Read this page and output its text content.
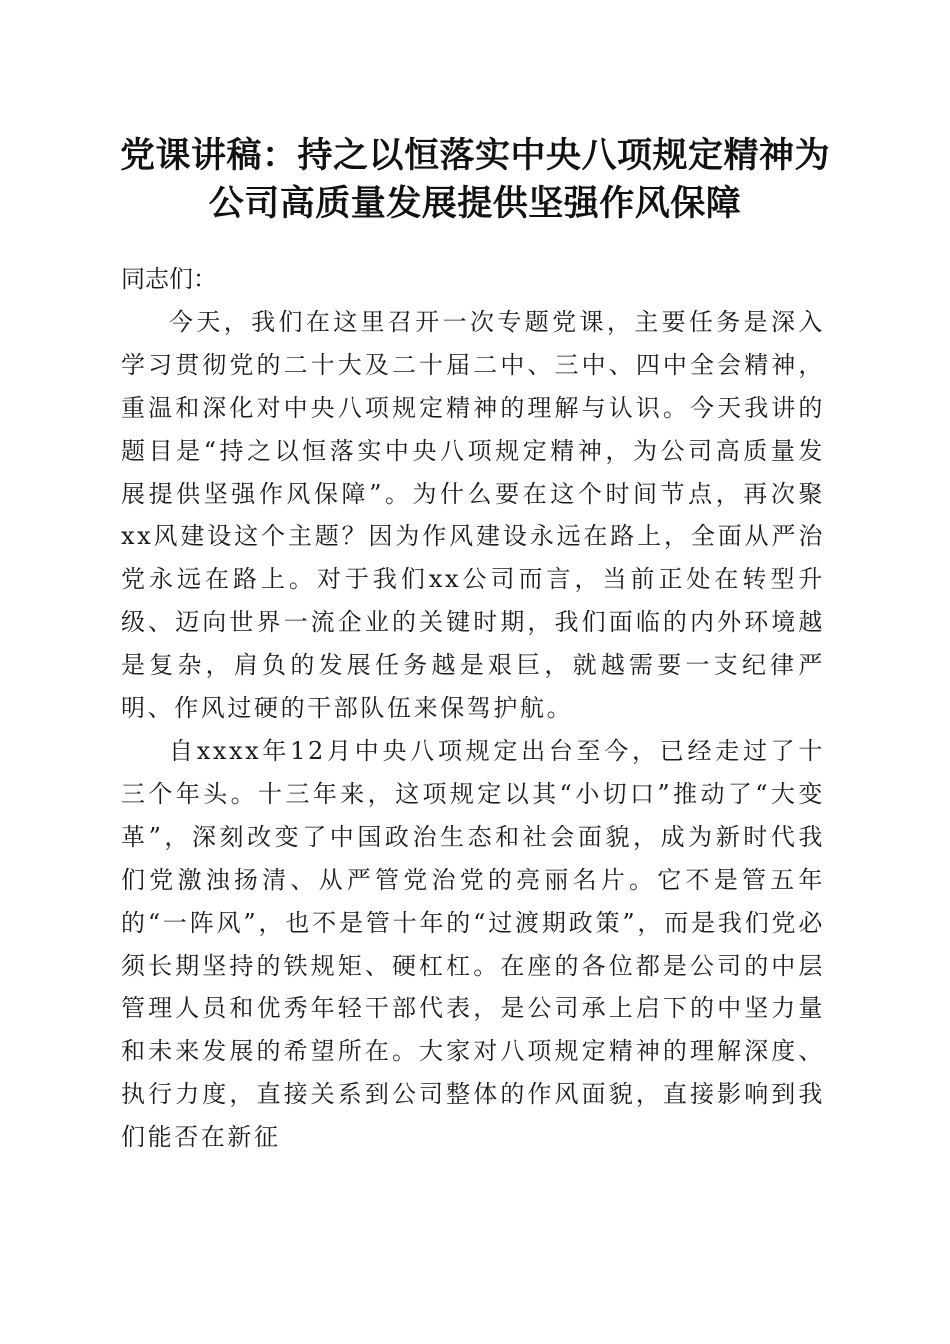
党课讲稿：持之以恒落实中央八项规定精神为
公司高质量发展提供坚强作风保障

同志们：

今天，我们在这里召开一次专题党课，主要任务是深入学习贯彻党的二十大及二十届二中、三中、四中全会精神，重温和深化对中央八项规定精神的理解与认识。今天我讲的题目是“持之以恒落实中央八项规定精神，为公司高质量发展提供坚强作风保障”。为什么要在这个时间节点，再次聚xx风建设这个主题？因为作风建设永远在路上，全面从严治党永远在路上。对于我们xx公司而言，当前正处在转型升级、迈向世界一流企业的关键时期，我们面临的内外环境越是复杂，肩负的发展任务越是艰巨，就越需要一支纪律严明、作风过硬的干部队伍来保驾护航。

自xxxx年12月中央八项规定出台至今，已经走过了十三个年头。十三年来，这项规定以其“小切口”推动了“大变革”，深刻改变了中国政治生态和社会面貌，成为新时代我们党激浊扬清、从严管党治党的亮丽名片。它不是管五年的“一阵风”，也不是管十年的“过渡期政策”，而是我们党必须长期坚持的铁规矩、硬杠杠。在座的各位都是公司的中层管理人员和优秀年轻干部代表，是公司承上启下的中坚力量和未来发展的希望所在。大家对八项规定精神的理解深度、执行力度，直接关系到公司整体的作风面貌，直接影响到我们能否在新征
